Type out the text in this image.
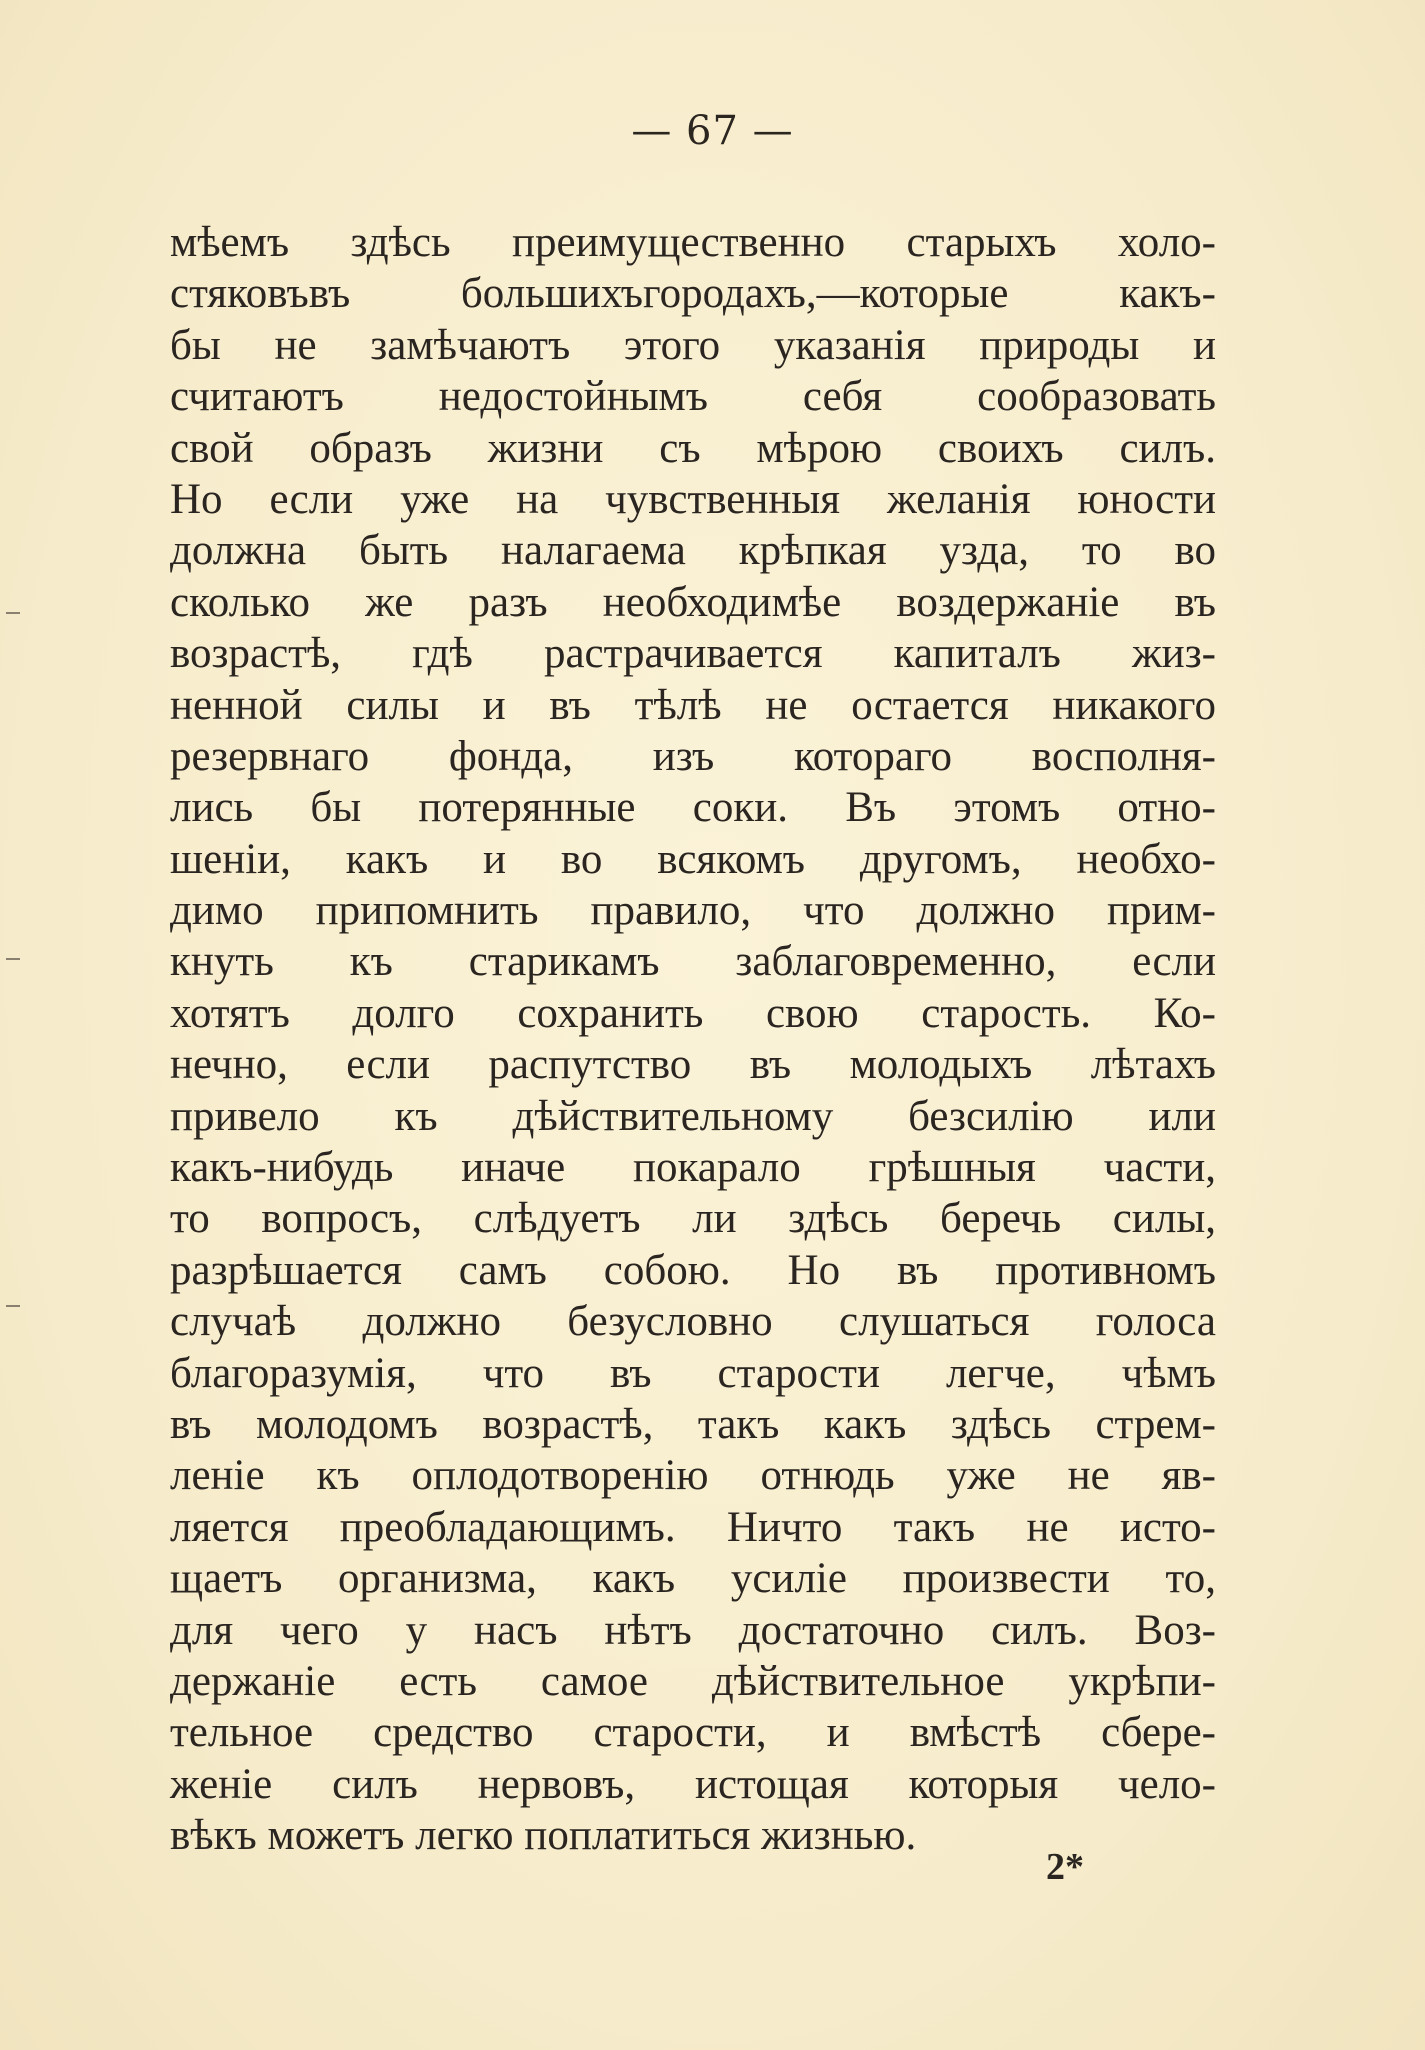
— 67 —
мѣемъ здѣсь преимущественно старыхъ холо-
стяковъвъ большихъгородахъ,—которые какъ-
бы не замѣчаютъ этого указанія природы и
считаютъ недостойнымъ себя сообразовать
свой образъ жизни съ мѣрою своихъ силъ.
Но если уже на чувственныя желанія юности
должна быть налагаема крѣпкая узда, то во
сколько же разъ необходимѣе воздержаніе въ
возрастѣ, гдѣ растрачивается капиталъ жиз-
ненной силы и въ тѣлѣ не остается никакого
резервнаго фонда, изъ котораго восполня-
лись бы потерянные соки. Въ этомъ отно-
шеніи, какъ и во всякомъ другомъ, необхо-
димо припомнить правило, что должно прим-
кнуть къ старикамъ заблаговременно, если
хотятъ долго сохранить свою старость. Ко-
нечно, если распутство въ молодыхъ лѣтахъ
привело къ дѣйствительному безсилію или
какъ-нибудь иначе покарало грѣшныя части,
то вопросъ, слѣдуетъ ли здѣсь беречь силы,
разрѣшается самъ собою. Но въ противномъ
случаѣ должно безусловно слушаться голоса
благоразумія, что въ старости легче, чѣмъ
въ молодомъ возрастѣ, такъ какъ здѣсь стрем-
леніе къ оплодотворенію отнюдь уже не яв-
ляется преобладающимъ. Ничто такъ не исто-
щаетъ организма, какъ усиліе произвести то,
для чего у насъ нѣтъ достаточно силъ. Воз-
держаніе есть самое дѣйствительное укрѣпи-
тельное средство старости, и вмѣстѣ сбере-
женіе силъ нервовъ, истощая которыя чело-
вѣкъ можетъ легко поплатиться жизнью.
2*
